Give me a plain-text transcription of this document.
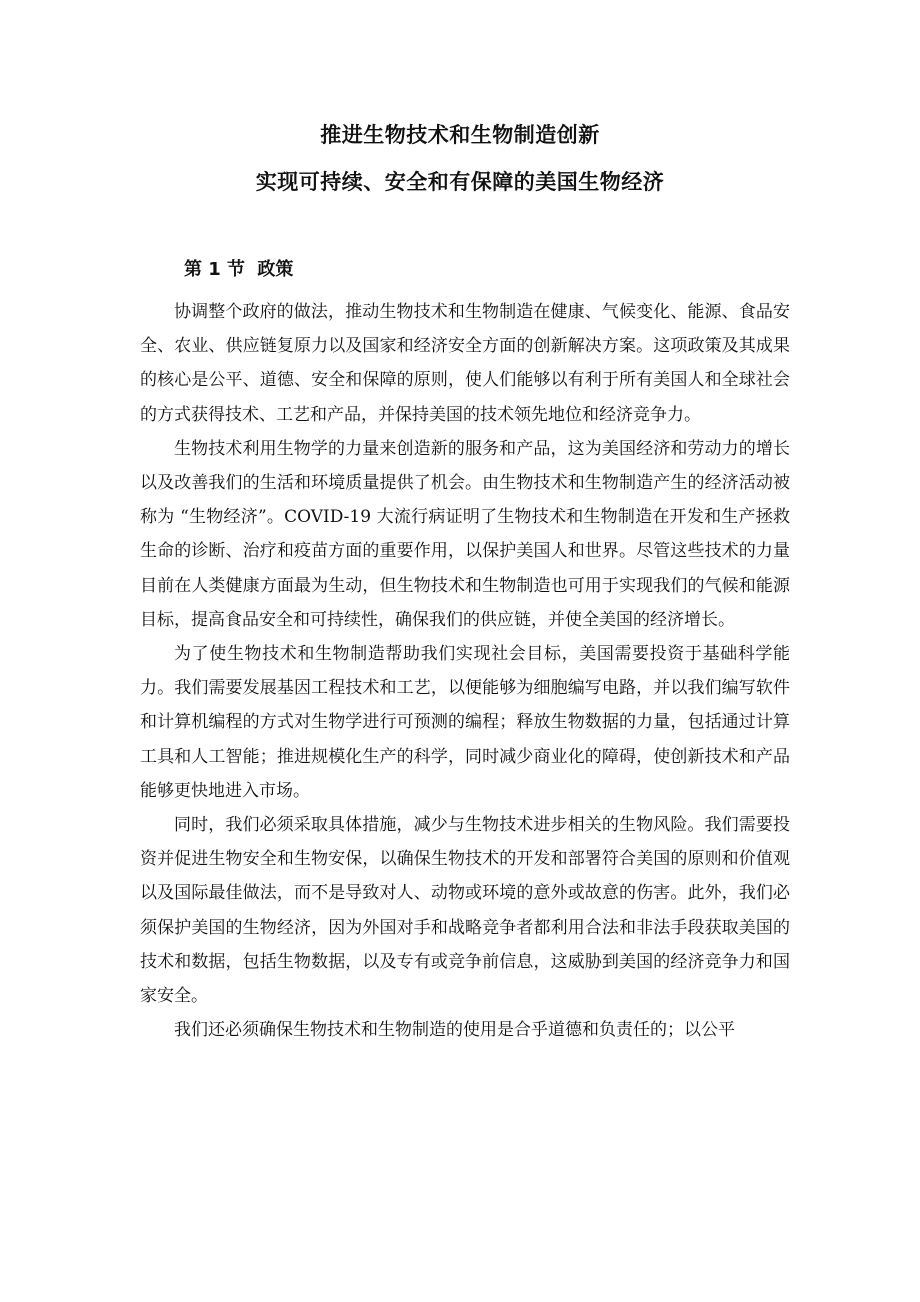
推进生物技术和生物制造创新

实现可持续、安全和有保障的美国生物经济

第 1 节 政策

协调整个政府的做法，推动生物技术和生物制造在健康、气候变化、能源、食品安全、农业、供应链复原力以及国家和经济安全方面的创新解决方案。这项政策及其成果的核心是公平、道德、安全和保障的原则，使人们能够以有利于所有美国人和全球社会的方式获得技术、工艺和产品，并保持美国的技术领先地位和经济竞争力。

生物技术利用生物学的力量来创造新的服务和产品，这为美国经济和劳动力的增长以及改善我们的生活和环境质量提供了机会。由生物技术和生物制造产生的经济活动被称为 “生物经济”。COVID-19 大流行病证明了生物技术和生物制造在开发和生产拯救生命的诊断、治疗和疫苗方面的重要作用，以保护美国人和世界。尽管这些技术的力量目前在人类健康方面最为生动，但生物技术和生物制造也可用于实现我们的气候和能源目标，提高食品安全和可持续性，确保我们的供应链，并使全美国的经济增长。

为了使生物技术和生物制造帮助我们实现社会目标，美国需要投资于基础科学能力。我们需要发展基因工程技术和工艺，以便能够为细胞编写电路，并以我们编写软件和计算机编程的方式对生物学进行可预测的编程；释放生物数据的力量，包括通过计算工具和人工智能；推进规模化生产的科学，同时减少商业化的障碍，使创新技术和产品能够更快地进入市场。

同时，我们必须采取具体措施，减少与生物技术进步相关的生物风险。我们需要投资并促进生物安全和生物安保，以确保生物技术的开发和部署符合美国的原则和价值观以及国际最佳做法，而不是导致对人、动物或环境的意外或故意的伤害。此外，我们必须保护美国的生物经济，因为外国对手和战略竞争者都利用合法和非法手段获取美国的技术和数据，包括生物数据，以及专有或竞争前信息，这威胁到美国的经济竞争力和国家安全。

我们还必须确保生物技术和生物制造的使用是合乎道德和负责任的；以公平
